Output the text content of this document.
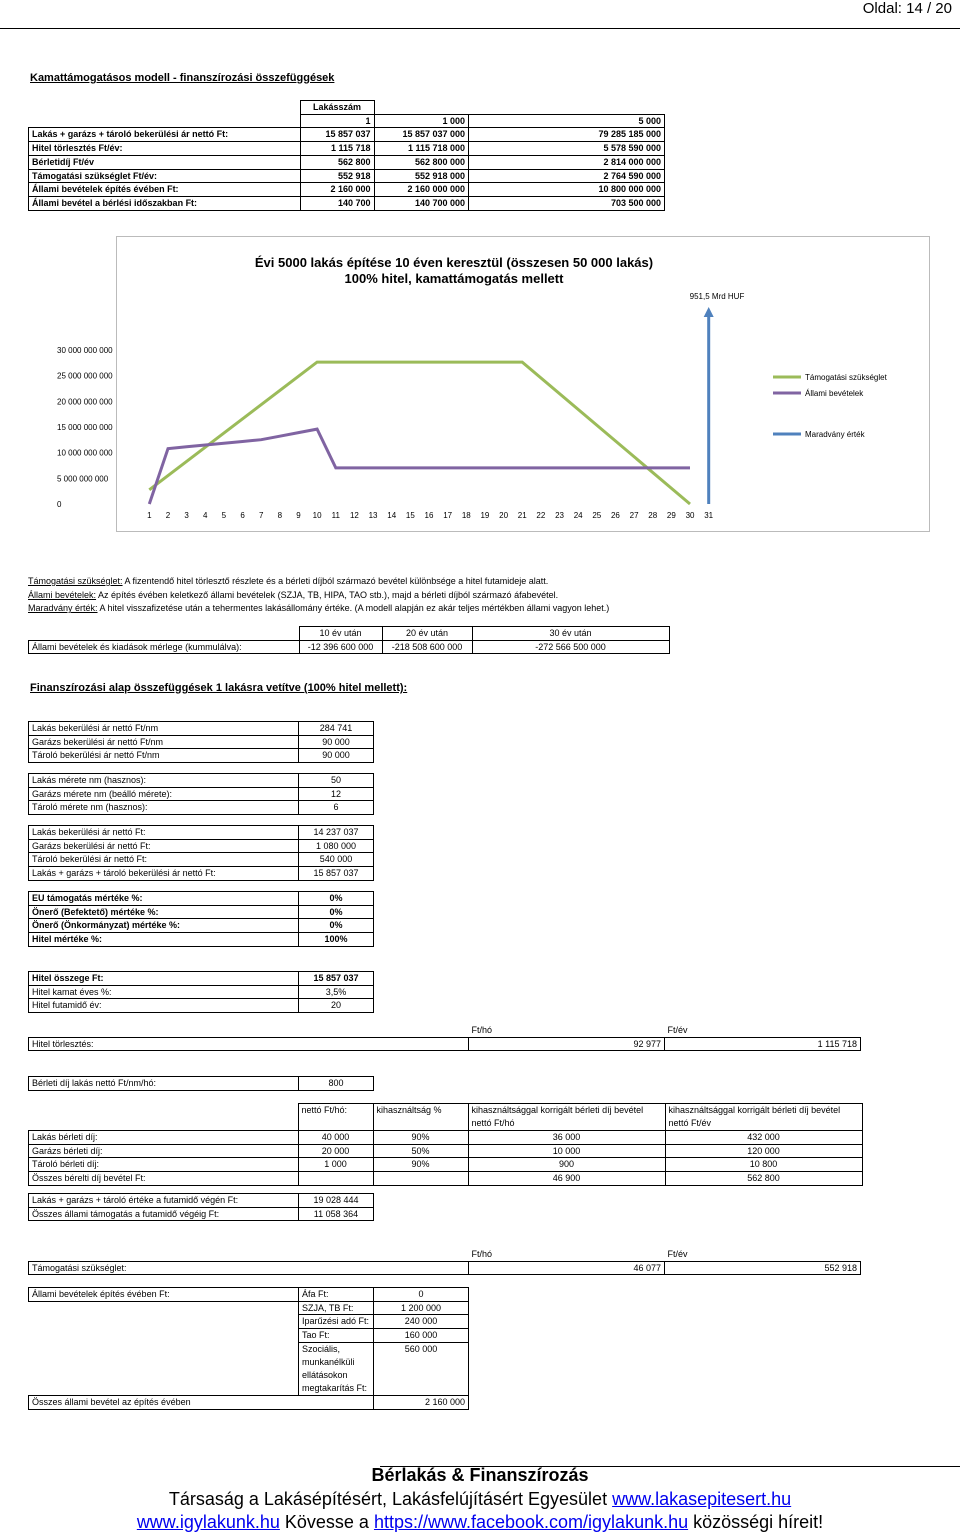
Oldal: 14 / 20
Kamattámogatásos modell - finanszírozási összefüggések
	Lakásszám		
	1	1 000	5 000
Lakás + garázs + tároló bekerülési ár nettó Ft:	15 857 037	15 857 037 000	79 285 185 000
Hitel törlesztés Ft/év:	1 115 718	1 115 718 000	5 578 590 000
Bérletidíj Ft/év	562 800	562 800 000	2 814 000 000
Támogatási szükséglet Ft/év:	552 918	552 918 000	2 764 590 000
Állami bevételek építés évében Ft:	2 160 000	2 160 000 000	10 800 000 000
Állami bevétel a bérlési időszakban Ft:	140 700	140 700 000	703 500 000
Évi 5000 lakás építése 10 éven keresztül (összesen 50 000 lakás)
100% hitel, kamattámogatás mellett
951,5 Mrd HUF
0
5 000 000 000
10 000 000 000
15 000 000 000
20 000 000 000
25 000 000 000
30 000 000 000
1 2 3 4 5 6 7 8 9 10 11 12 13 14 15 16 17 18 19 20 21 22 23 24 25 26 27 28 29 30 31
Támogatási szükséglet
Állami bevételek
Maradvány érték
Támogatási szükséglet: A fizentendő hitel törlesztő részlete és a bérleti díjból származó bevétel különbsége a hitel futamideje alatt.
Állami bevételek: Az építés évében keletkező állami bevételek (SZJA, TB, HIPA, TAO stb.), majd a bérleti díjból származó áfabevétel.
Maradvány érték: A hitel visszafizetése után a tehermentes lakásállomány értéke. (A modell alapján ez akár teljes mértékben állami vagyon lehet.)
	10 év után	20 év után	30 év után
Állami bevételek és kiadások mérlege (kummulálva):	-12 396 600 000	-218 508 600 000	-272 566 500 000
Finanszírozási alap összefüggések 1 lakásra vetítve (100% hitel mellett):
Lakás bekerülési ár nettó Ft/nm	284 741
Garázs bekerülési ár nettó Ft/nm	90 000
Tároló bekerülési ár nettó Ft/nm	90 000
Lakás mérete nm (hasznos):	50
Garázs mérete nm (beálló mérete):	12
Tároló mérete nm (hasznos):	6
Lakás bekerülési ár nettó Ft:	14 237 037
Garázs bekerülési ár nettó Ft:	1 080 000
Tároló bekerülési ár nettó Ft:	540 000
Lakás + garázs + tároló bekerülési ár nettó Ft:	15 857 037
EU támogatás mértéke %:	0%
Önerő (Befektető) mértéke %:	0%
Önerő (Önkormányzat) mértéke %:	0%
Hitel mértéke %:	100%
Hitel összege Ft:	15 857 037
Hitel kamat éves %:	3,5%
Hitel futamidő év:	20
	Ft/hó	Ft/év
Hitel törlesztés:	92 977	1 115 718
Bérleti díj lakás nettó Ft/nm/hó:	800
	nettó Ft/hó:	kihasználtság %	kihasználtsággal korrigált bérleti díj bevétel nettó Ft/hó	kihasználtsággal korrigált bérleti díj bevétel nettó Ft/év
Lakás bérleti díj:	40 000	90%	36 000	432 000
Garázs bérleti díj:	20 000	50%	10 000	120 000
Tároló bérleti díj:	1 000	90%	900	10 800
Összes bérelti díj bevétel Ft:			46 900	562 800
Lakás + garázs + tároló értéke a futamidő végén Ft:	19 028 444
Összes állami támogatás a futamidő végéig Ft:	11 058 364
	Ft/hó	Ft/év
Támogatási szükséglet:	46 077	552 918
Állami bevételek építés évében Ft:	Áfa Ft:	0
	SZJA, TB Ft:	1 200 000
	Iparűzési adó Ft:	240 000
	Tao Ft:	160 000
	Szociális, munkanélküli ellátásokon megtakarítás Ft:	560 000
Összes állami bevétel az építés évében		2 160 000
Bérlakás & Finanszírozás
Társaság a Lakásépítésért, Lakásfelújításért Egyesület www.lakasepitesert.hu
www.igylakunk.hu Kövesse a https://www.facebook.com/igylakunk.hu közösségi híreit!
